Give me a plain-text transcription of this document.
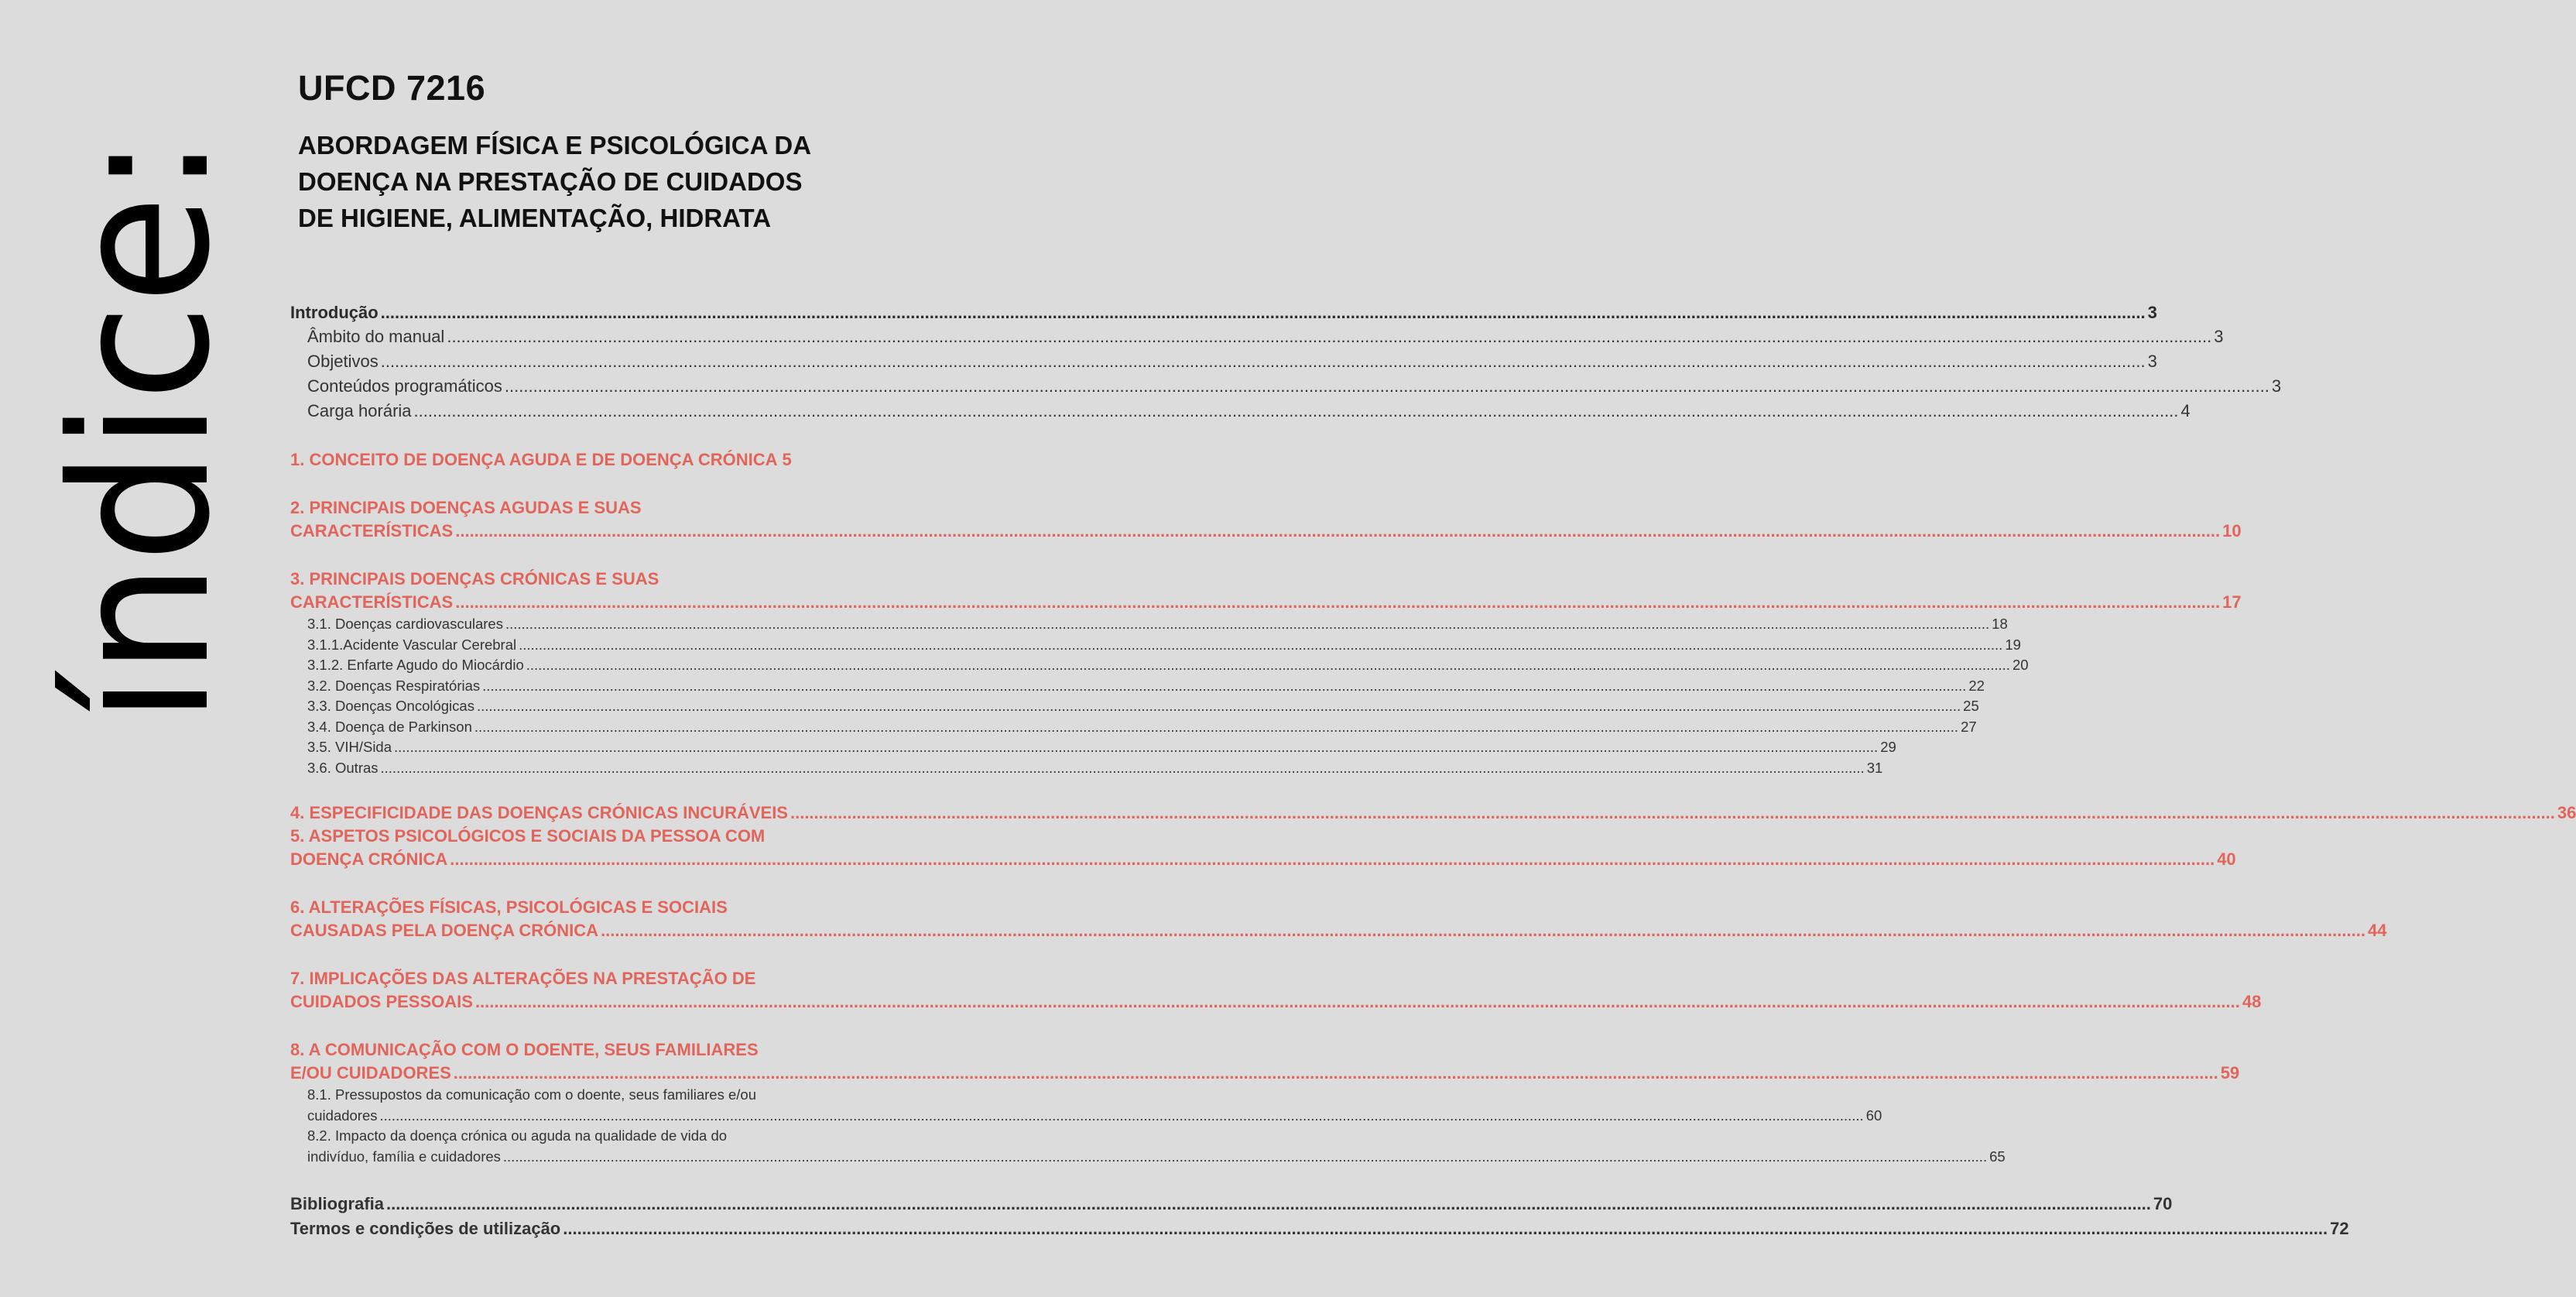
índice:
UFCD 7216
ABORDAGEM FÍSICA E PSICOLÓGICA DA
DOENÇA NA PRESTAÇÃO DE CUIDADOS
DE HIGIENE, ALIMENTAÇÃO, HIDRATA
Introdução .....	3
Âmbito do manual .....	3
Objetivos .....	3
Conteúdos programáticos .....	3
Carga horária .....	4
1. CONCEITO DE DOENÇA AGUDA E DE DOENÇA CRÓNICA 5
2. PRINCIPAIS DOENÇAS AGUDAS E SUAS
CARACTERÍSTICAS .....	10
3. PRINCIPAIS DOENÇAS CRÓNICAS E SUAS
CARACTERÍSTICAS .....	17
3.1. Doenças cardiovasculares .....	18
3.1.1.Acidente Vascular Cerebral .....	19
3.1.2. Enfarte Agudo do Miocárdio .....	20
3.2. Doenças Respiratórias .....	22
3.3. Doenças Oncológicas .....	25
3.4. Doença de Parkinson .....	27
3.5. VIH/Sida .....	29
3.6. Outras .....	31
4. ESPECIFICIDADE DAS DOENÇAS CRÓNICAS INCURÁVEIS .....	36
5. ASPETOS PSICOLÓGICOS E SOCIAIS DA PESSOA COM
DOENÇA CRÓNICA .....	40
6. ALTERAÇÕES FÍSICAS, PSICOLÓGICAS E SOCIAIS
CAUSADAS PELA DOENÇA CRÓNICA .....	44
7. IMPLICAÇÕES DAS ALTERAÇÕES NA PRESTAÇÃO DE
CUIDADOS PESSOAIS .....	48
8. A COMUNICAÇÃO COM O DOENTE, SEUS FAMILIARES
E/OU CUIDADORES .....	59
8.1. Pressupostos da comunicação com o doente, seus familiares e/ou
cuidadores .....	60
8.2. Impacto da doença crónica ou aguda na qualidade de vida do
indivíduo, família e cuidadores .....	65
Bibliografia .....	70
Termos e condições de utilização .....	72
